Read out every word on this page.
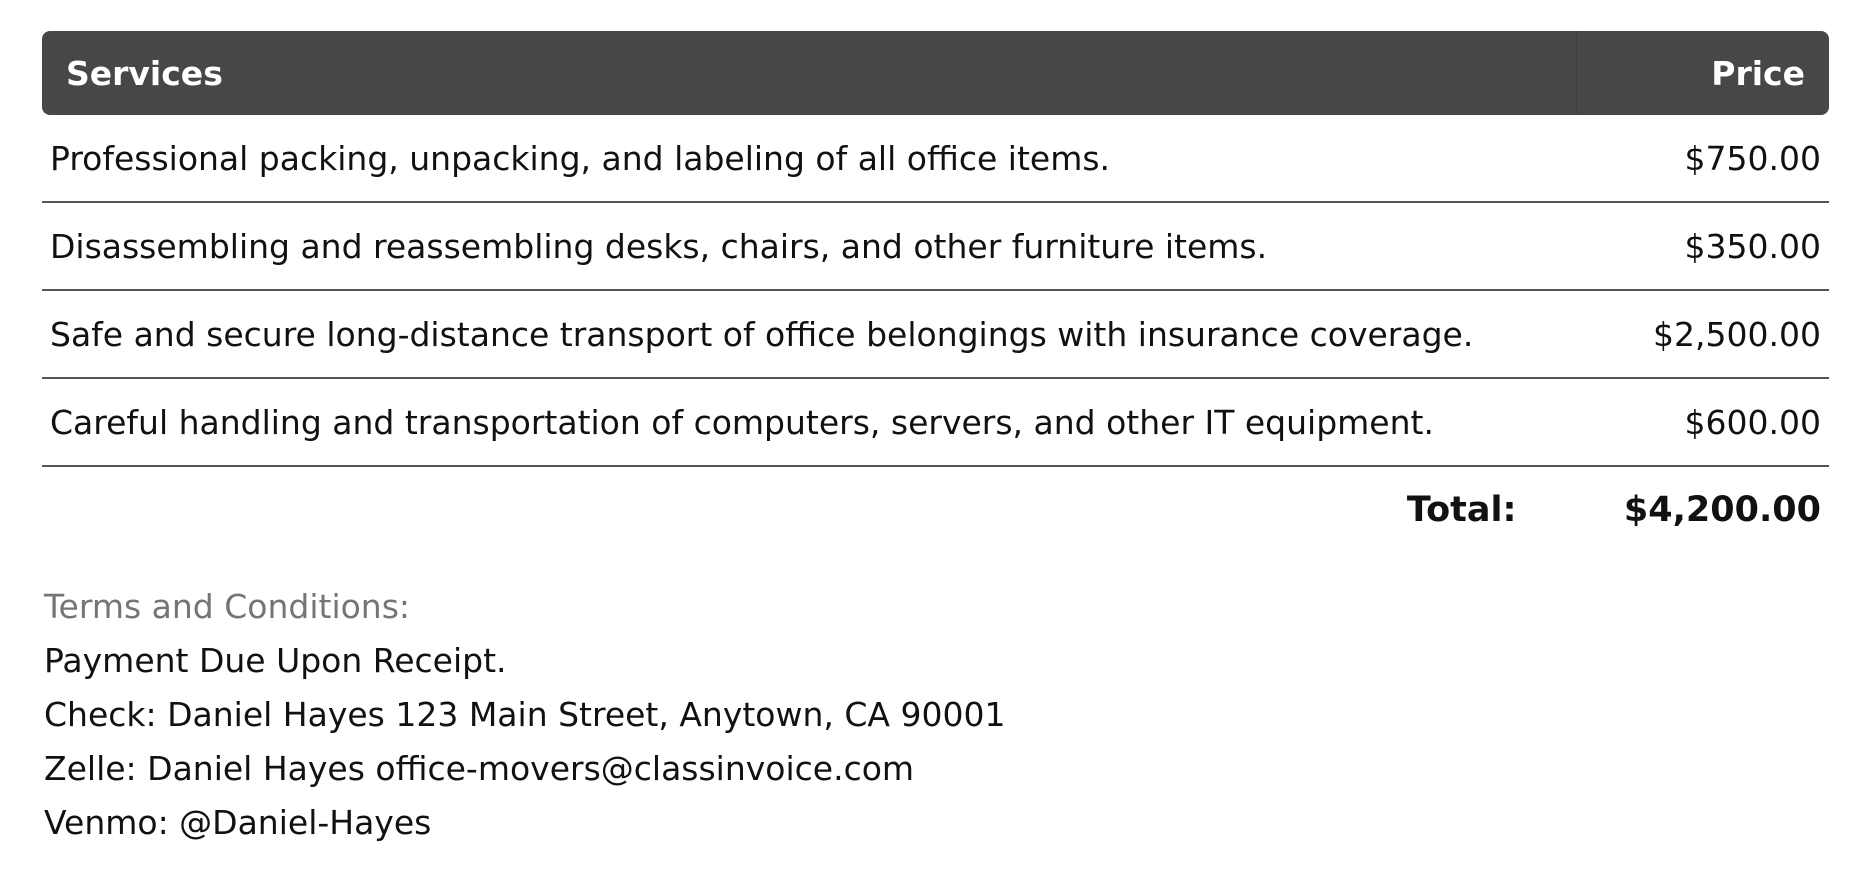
Services	Price
Professional packing, unpacking, and labeling of all office items.	$750.00
Disassembling and reassembling desks, chairs, and other furniture items.	$350.00
Safe and secure long-distance transport of office belongings with insurance coverage.	$2,500.00
Careful handling and transportation of computers, servers, and other IT equipment.	$600.00
Total:	$4,200.00
Terms and Conditions:
Payment Due Upon Receipt.
Check: Daniel Hayes 123 Main Street, Anytown, CA 90001
Zelle: Daniel Hayes office-movers@classinvoice.com
Venmo: @Daniel-Hayes
